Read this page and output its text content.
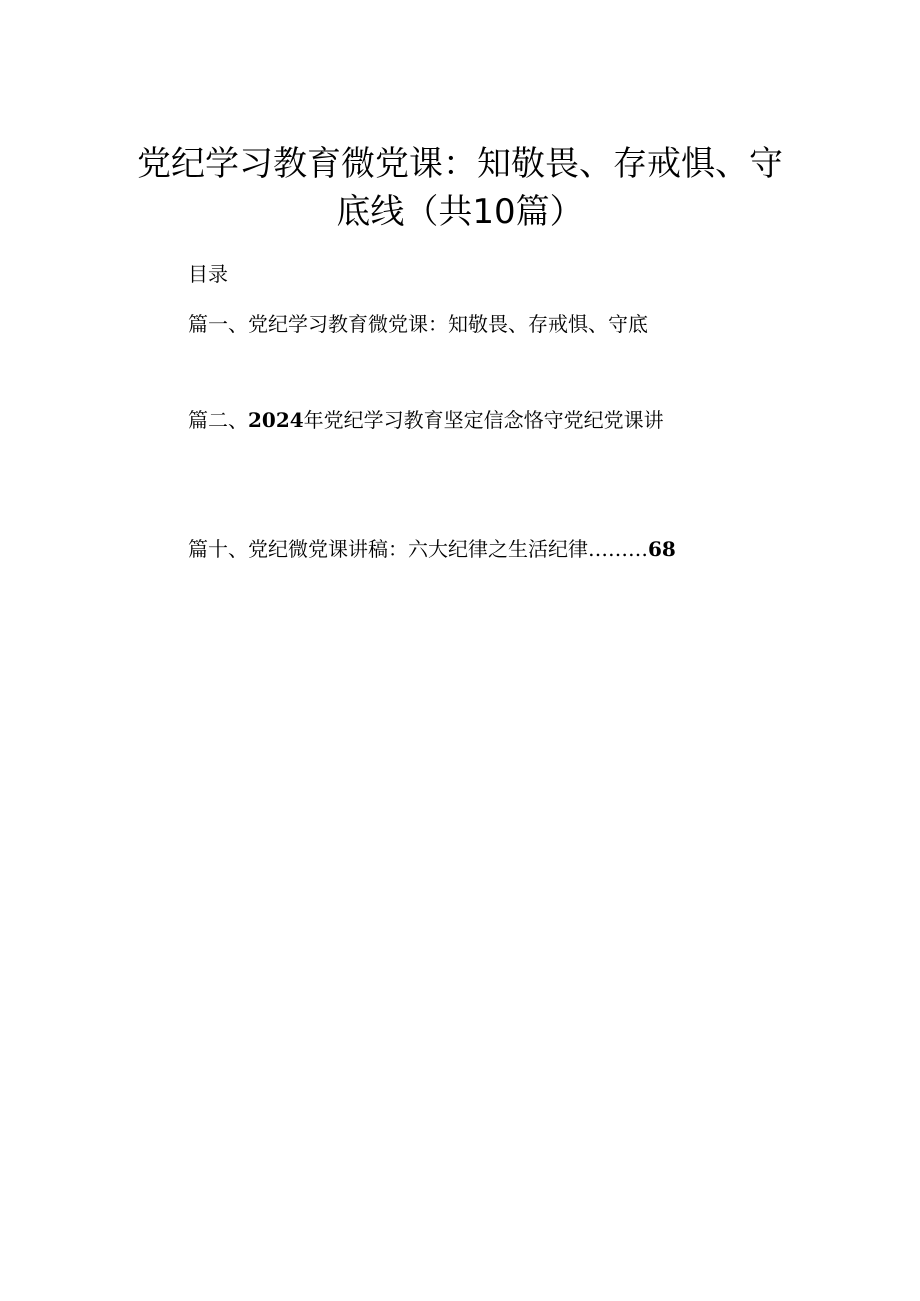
党纪学习教育微党课：知敬畏、存戒惧、守
底线（共10篇）
目录
篇一、党纪学习教育微党课：知敬畏、存戒惧、守底
篇二、2024年党纪学习教育坚定信念恪守党纪党课讲
篇十、党纪微党课讲稿：六大纪律之生活纪律………68
